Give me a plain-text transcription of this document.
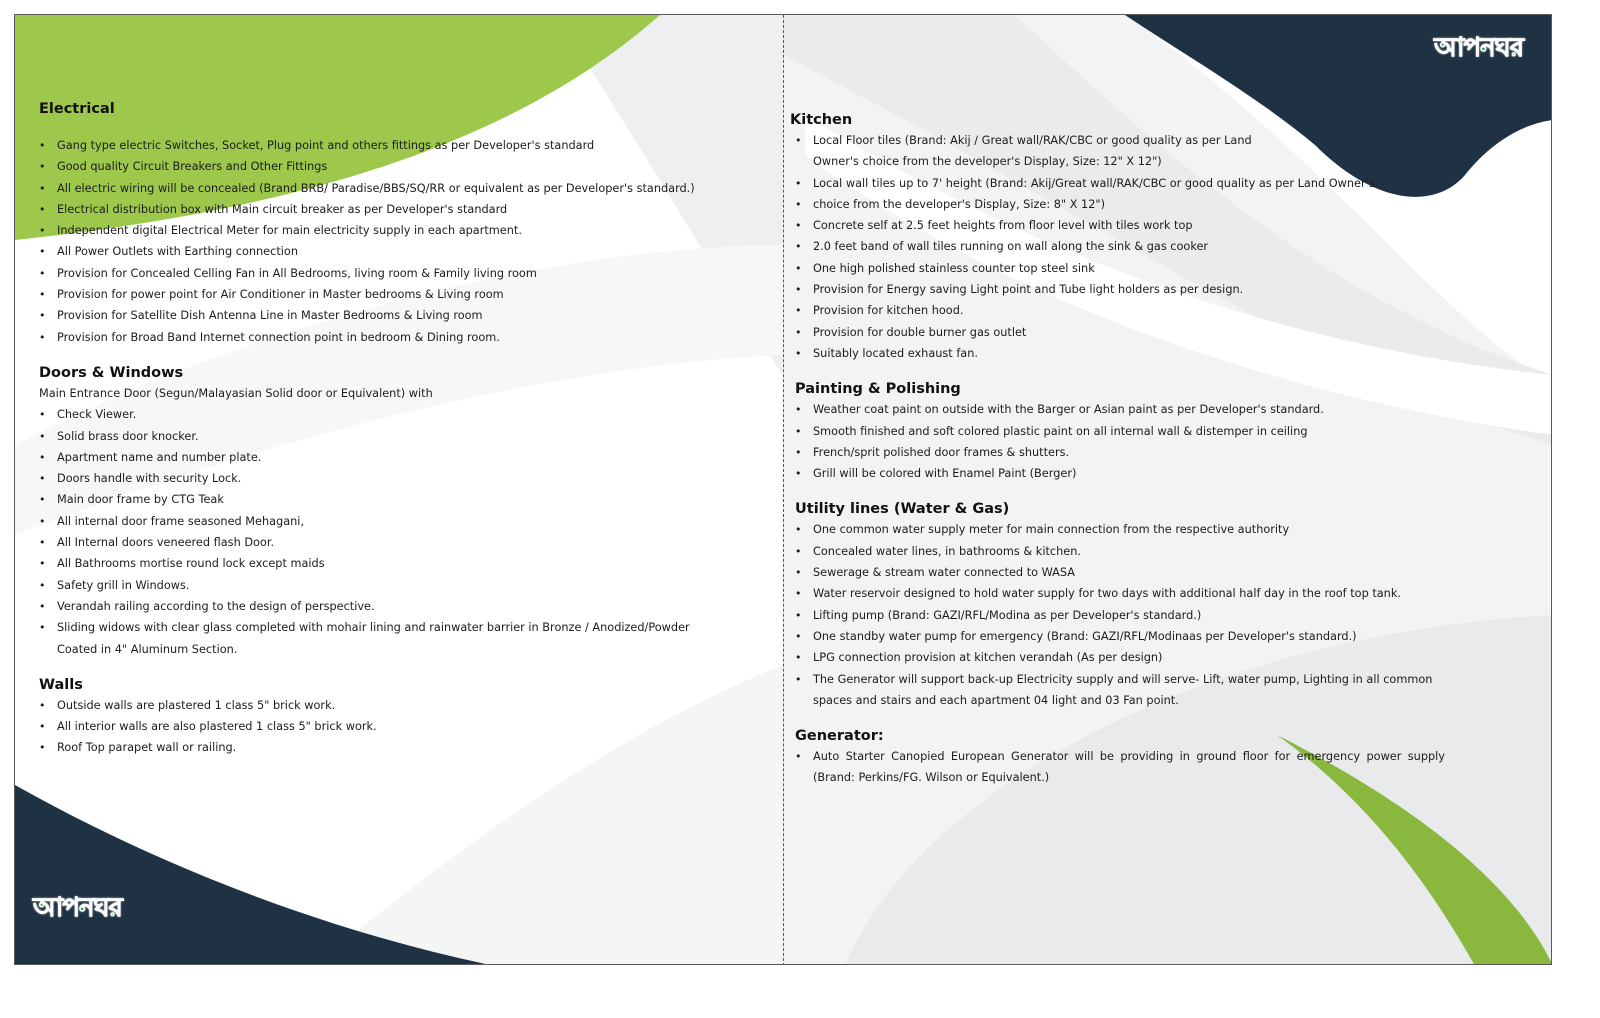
আপনঘর
আপনঘর
Electrical
• Gang type electric Switches, Socket, Plug point and others fittings as per Developer's standard
• Good quality Circuit Breakers and Other Fittings
• All electric wiring will be concealed (Brand BRB/ Paradise/BBS/SQ/RR or equivalent as per Developer's standard.)
• Electrical distribution box with Main circuit breaker as per Developer's standard
• Independent digital Electrical Meter for main electricity supply in each apartment.
• All Power Outlets with Earthing connection
• Provision for Concealed Celling Fan in All Bedrooms, living room & Family living room
• Provision for power point for Air Conditioner in Master bedrooms & Living room
• Provision for Satellite Dish Antenna Line in Master Bedrooms & Living room
• Provision for Broad Band Internet connection point in bedroom & Dining room.
Doors & Windows

Main Entrance Door (Segun/Malayasian Solid door or Equivalent) with

• Check Viewer.
• Solid brass door knocker.
• Apartment name and number plate.
• Doors handle with security Lock.
• Main door frame by CTG Teak
• All internal door frame seasoned Mehagani,
• All Internal doors veneered flash Door.
• All Bathrooms mortise round lock except maids
• Safety grill in Windows.
• Verandah railing according to the design of perspective.
• Sliding widows with clear glass completed with mohair lining and rainwater barrier in Bronze / Anodized/Powder Coated in 4" Aluminum Section.
Walls
• Outside walls are plastered 1 class 5" brick work.
• All interior walls are also plastered 1 class 5" brick work.
• Roof Top parapet wall or railing.
Kitchen
• Local Floor tiles (Brand: Akij / Great wall/RAK/CBC or good quality as per Land Owner's choice from the developer's Display, Size: 12" X 12")
• Local wall tiles up to 7' height (Brand: Akij/Great wall/RAK/CBC or good quality as per Land Owner's
• choice from the developer's Display, Size: 8" X 12")
• Concrete self at 2.5 feet heights from floor level with tiles work top
• 2.0 feet band of wall tiles running on wall along the sink & gas cooker
• One high polished stainless counter top steel sink
• Provision for Energy saving Light point and Tube light holders as per design.
• Provision for kitchen hood.
• Provision for double burner gas outlet
• Suitably located exhaust fan.
Painting & Polishing
• Weather coat paint on outside with the Barger or Asian paint as per Developer's standard.
• Smooth finished and soft colored plastic paint on all internal wall & distemper in ceiling
• French/sprit polished door frames & shutters.
• Grill will be colored with Enamel Paint (Berger)
Utility lines (Water & Gas)
• One common water supply meter for main connection from the respective authority
• Concealed water lines, in bathrooms & kitchen.
• Sewerage & stream water connected to WASA
• Water reservoir designed to hold water supply for two days with additional half day in the roof top tank.
• Lifting pump (Brand: GAZI/RFL/Modina as per Developer's standard.)
• One standby water pump for emergency (Brand: GAZI/RFL/Modinaas per Developer's standard.)
• LPG connection provision at kitchen verandah (As per design)
• The Generator will support back-up Electricity supply and will serve- Lift, water pump, Lighting in all common spaces and stairs and each apartment 04 light and 03 Fan point.
Generator:
• Auto Starter Canopied European Generator will be providing in ground floor for emergency power supply (Brand: Perkins/FG. Wilson or Equivalent.)
